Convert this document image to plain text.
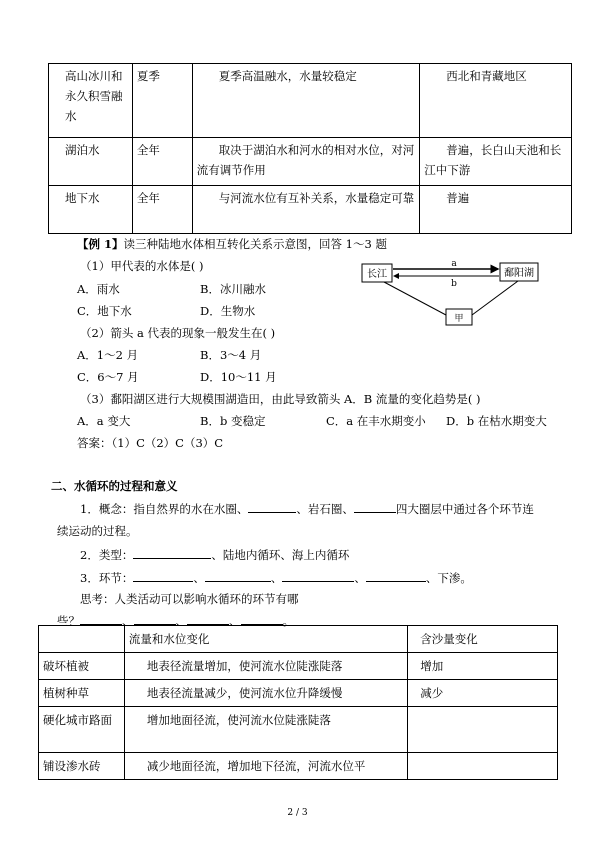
高山冰川和永久积雪融水	夏季	夏季高温融水，水量较稳定	西北和青藏地区
湖泊水	全年	取决于湖泊水和河水的相对水位，对河流有调节作用	普遍，长白山天池和长江中下游
地下水	全年	与河流水位有互补关系，水量稳定可靠	普遍
【例 1】读三种陆地水体相互转化关系示意图，回答 1～3 题
（1）甲代表的水体是( )
A．雨水	B．冰川融水
C．地下水	D．生物水
（2）箭头 a 代表的现象一般发生在( )
A．1～2 月	B．3～4 月
C．6～7 月	D．10～11 月
（3）鄱阳湖区进行大规模围湖造田，由此导致箭头 A．B 流量的变化趋势是( )
A．a 变大	B．b 变稳定	C．a 在丰水期变小 D．b 在枯水期变大
答案：（1）C（2）C（3）C
长江	鄱阳湖
甲
a
b
二、水循环的过程和意义
1．概念：指自然界的水在水圈、	、岩石圈、	四大圈层中通过各个环节连
续运动的过程。
2．类型：	、陆地内循环、海上内循环
3．环节：	、	、	、	、下渗。
思考：人类活动可以影响水循环的环节有哪
些？	、	、	、	。
	流量和水位变化	含沙量变化
破坏植被	地表径流量增加，使河流水位陡涨陡落	增加
植树种草	地表径流量减少，使河流水位升降缓慢	减少
硬化城市路面	增加地面径流，使河流水位陡涨陡落	
铺设渗水砖	减少地面径流，增加地下径流，河流水位平	
2 / 3
